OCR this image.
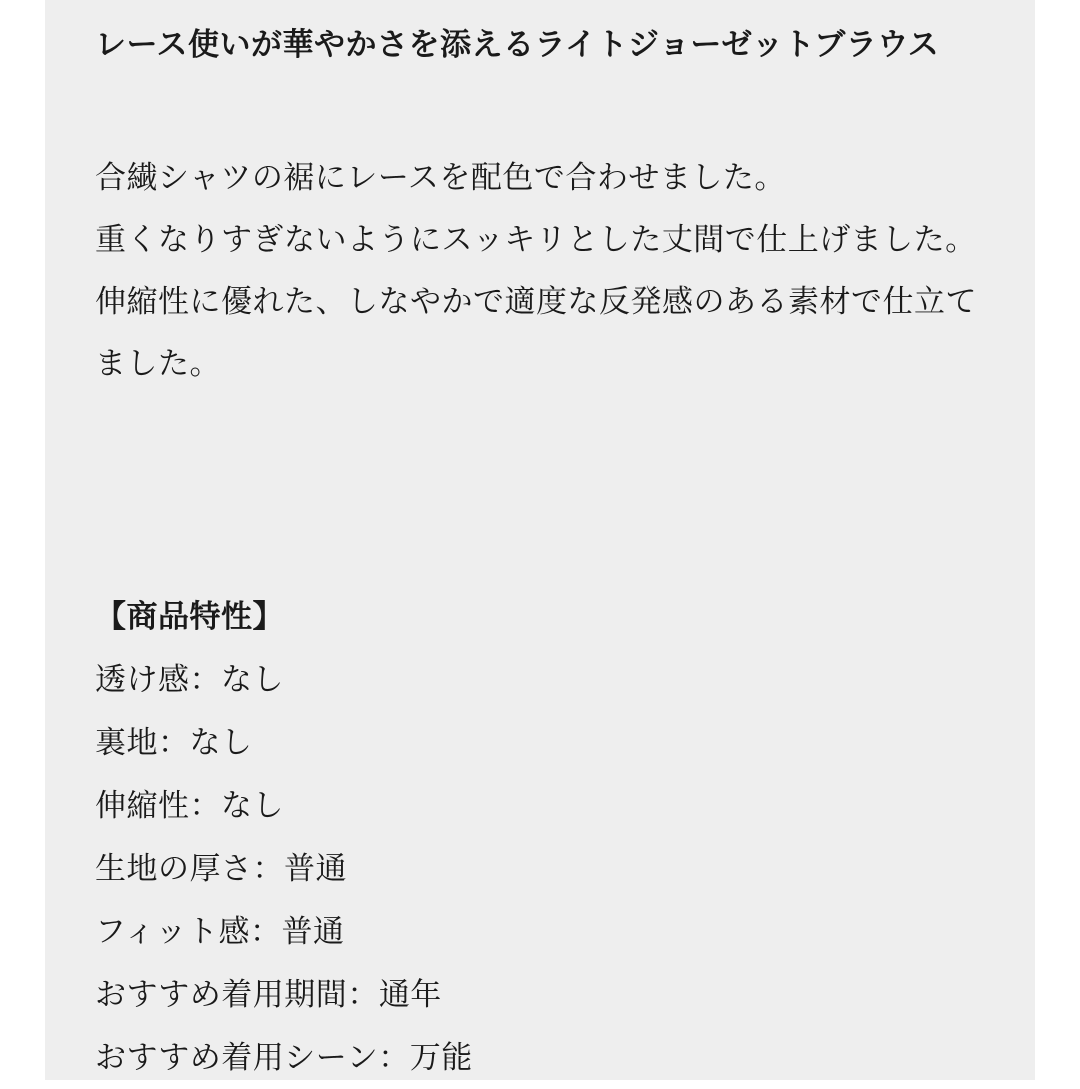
レース使いが華やかさを添えるライトジョーゼットブラウス

合繊シャツの裾にレースを配色で合わせました。

重くなりすぎないようにスッキリとした丈間で仕上げました。

伸縮性に優れた、しなやかで適度な反発感のある素材で仕立てました。

【商品特性】
透け感：なし
裏地：なし
伸縮性：なし
生地の厚さ：普通
フィット感：普通
おすすめ着用期間：通年
おすすめ着用シーン：万能
